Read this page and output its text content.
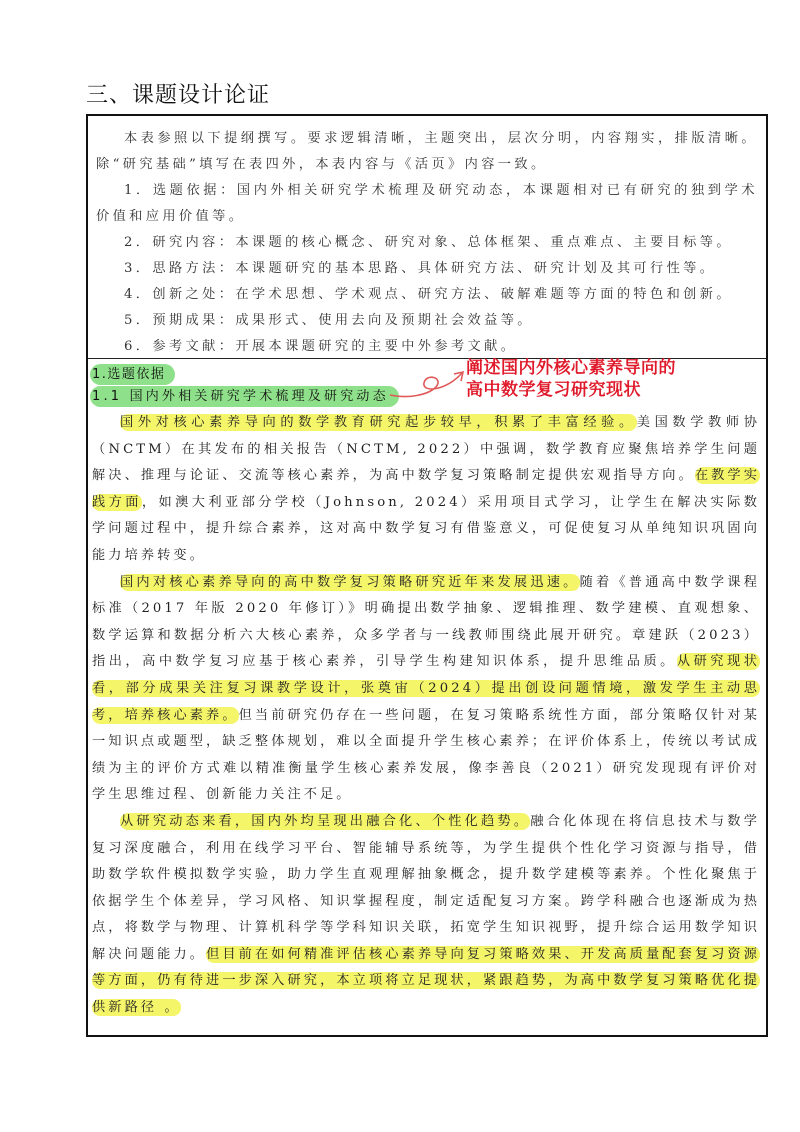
三、课题设计论证

本表参照以下提纲撰写。要求逻辑清晰，主题突出，层次分明，内容翔实，排版清晰。除“研究基础”填写在表四外，本表内容与《活页》内容一致。

1．选题依据：国内外相关研究学术梳理及研究动态，本课题相对已有研究的独到学术价值和应用价值等。

2．研究内容：本课题的核心概念、研究对象、总体框架、重点难点、主要目标等。

3．思路方法：本课题研究的基本思路、具体研究方法、研究计划及其可行性等。

4．创新之处：在学术思想、学术观点、研究方法、破解难题等方面的特色和创新。

5．预期成果：成果形式、使用去向及预期社会效益等。

6．参考文献：开展本课题研究的主要中外参考文献。

1.选题依据
1.1 国内外相关研究学术梳理及研究动态
阐述国内外核心素养导向的
高中数学复习研究现状

国外对核心素养导向的数学教育研究起步较早，积累了丰富经验。美国数学教师协（NCTM）在其发布的相关报告（NCTM, 2022）中强调，数学教育应聚焦培养学生问题解决、推理与论证、交流等核心素养，为高中数学复习策略制定提供宏观指导方向。在教学实践方面，如澳大利亚部分学校（Johnson, 2024）采用项目式学习，让学生在解决实际数学问题过程中，提升综合素养，这对高中数学复习有借鉴意义，可促使复习从单纯知识巩固向能力培养转变。

国内对核心素养导向的高中数学复习策略研究近年来发展迅速。随着《普通高中数学课程标准（2017 年版 2020 年修订）》明确提出数学抽象、逻辑推理、数学建模、直观想象、数学运算和数据分析六大核心素养，众多学者与一线教师围绕此展开研究。章建跃（2023）指出，高中数学复习应基于核心素养，引导学生构建知识体系，提升思维品质。从研究现状看，部分成果关注复习课教学设计，张奠宙（2024）提出创设问题情境，激发学生主动思考，培养核心素养。但当前研究仍存在一些问题，在复习策略系统性方面，部分策略仅针对某一知识点或题型，缺乏整体规划，难以全面提升学生核心素养；在评价体系上，传统以考试成绩为主的评价方式难以精准衡量学生核心素养发展，像李善良（2021）研究发现现有评价对学生思维过程、创新能力关注不足。

从研究动态来看，国内外均呈现出融合化、个性化趋势。融合化体现在将信息技术与数学复习深度融合，利用在线学习平台、智能辅导系统等，为学生提供个性化学习资源与指导，借助数学软件模拟数学实验，助力学生直观理解抽象概念，提升数学建模等素养。个性化聚焦于依据学生个体差异，学习风格、知识掌握程度，制定适配复习方案。跨学科融合也逐渐成为热点，将数学与物理、计算机科学等学科知识关联，拓宽学生知识视野，提升综合运用数学知识解决问题能力。但目前在如何精准评估核心素养导向复习策略效果、开发高质量配套复习资源等方面，仍有待进一步深入研究，本立项将立足现状，紧跟趋势，为高中数学复习策略优化提供新路径 。
